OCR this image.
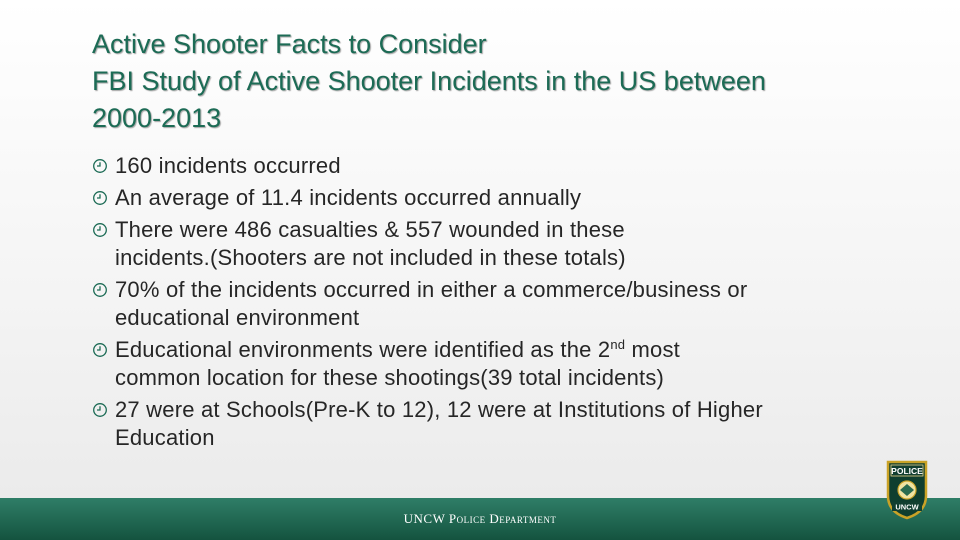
Active Shooter Facts to Consider
FBI Study of Active Shooter Incidents in the US between
2000-2013
160 incidents occurred
An average of 11.4 incidents occurred annually
There were 486 casualties & 557 wounded in these
incidents.(Shooters are not included in these totals)
70% of the incidents occurred in either a commerce/business or
educational environment
Educational environments were identified as the 2nd most
common location for these shootings(39 total incidents)
27 were at Schools(Pre-K to 12), 12 were at Institutions of Higher
Education
UNCW Police Department
POLICE
UNCW
